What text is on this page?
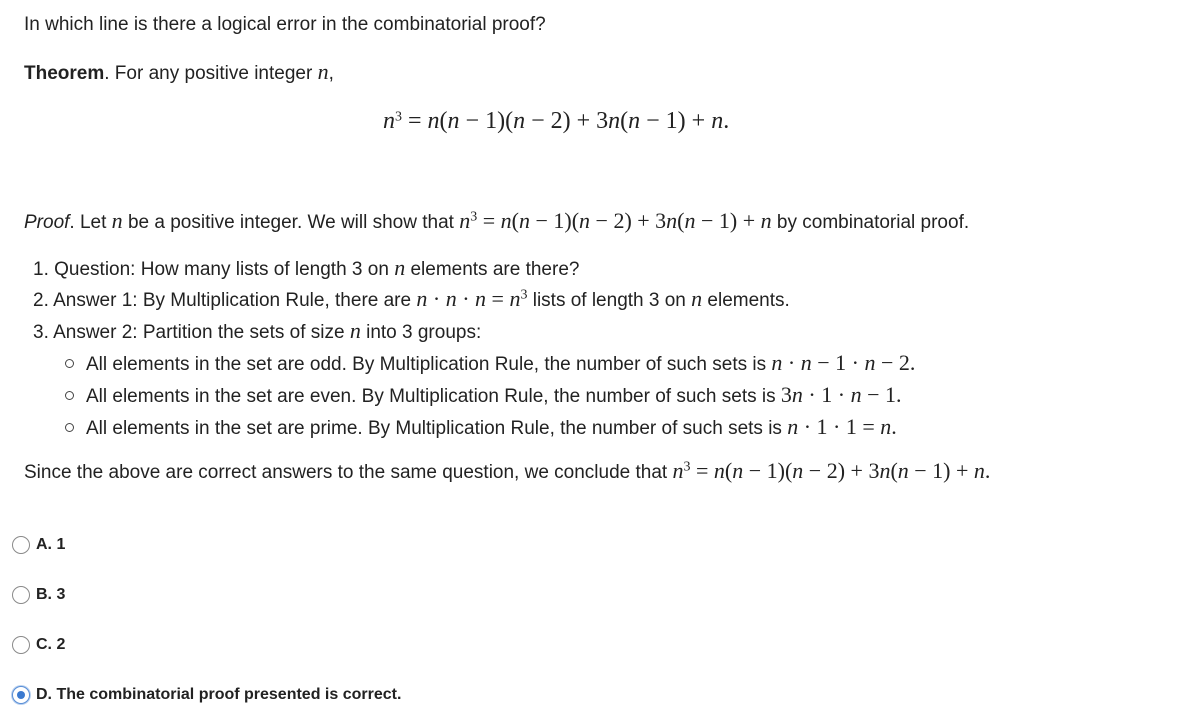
In which line is there a logical error in the combinatorial proof?
Theorem. For any positive integer n,
$n^3 = n(n - 1)(n - 2) + 3n(n - 1) + n$.
Proof. Let n be a positive integer. We will show that $n^3 = n(n - 1)(n - 2) + 3n(n - 1) + n$ by combinatorial proof.
1. Question: How many lists of length 3 on n elements are there?
2. Answer 1: By Multiplication Rule, there are $n \cdot n \cdot n = n^3$ lists of length 3 on n elements.
3. Answer 2: Partition the sets of size n into 3 groups:
All elements in the set are odd. By Multiplication Rule, the number of such sets is n · n − 1 · n − 2.
All elements in the set are even. By Multiplication Rule, the number of such sets is 3n · 1 · n − 1.
All elements in the set are prime. By Multiplication Rule, the number of such sets is n · 1 · 1 = n.
Since the above are correct answers to the same question, we conclude that $n^3 = n(n - 1)(n - 2) + 3n(n - 1) + n$.
A. 1
B. 3
C. 2
D. The combinatorial proof presented is correct.
